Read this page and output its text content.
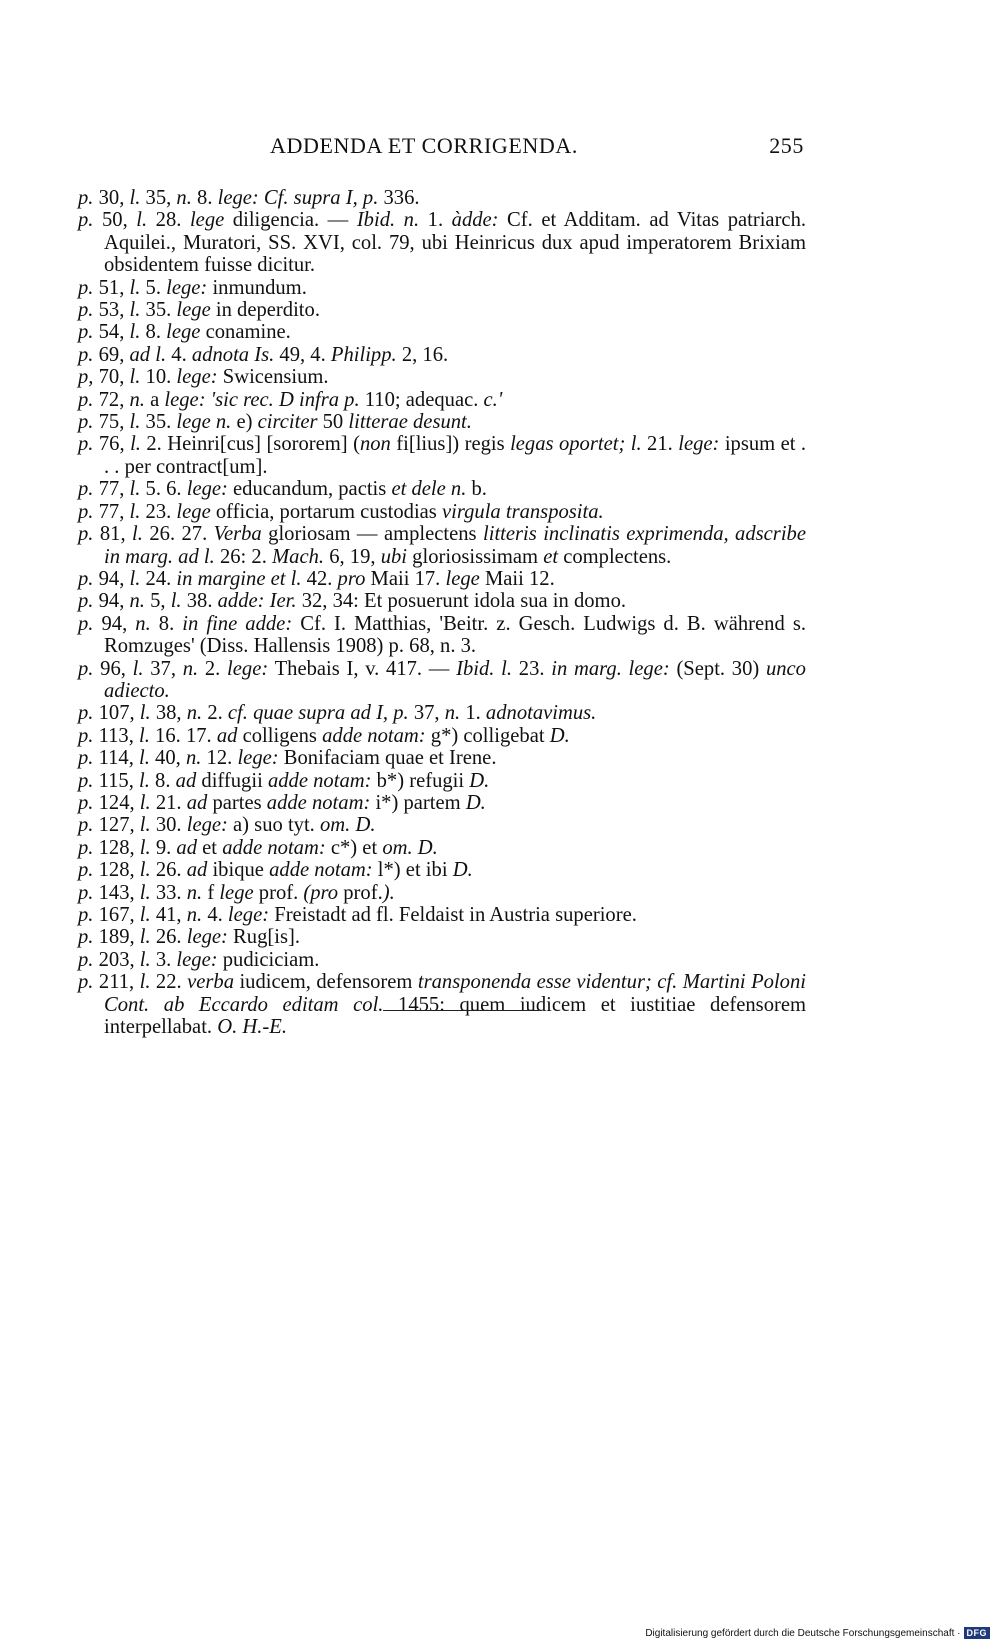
ADDENDA ET CORRIGENDA.	255
p. 30, l. 35, n. 8. lege: Cf. supra I, p. 336.
p. 50, l. 28. lege diligencia. — Ibid. n. 1. àdde: Cf. et Additam. ad Vitas patriarch. Aquilei., Muratori, SS. XVI, col. 79, ubi Heinricus dux apud imperatorem Brixiam obsidentem fuisse dicitur.
p. 51, l. 5. lege: inmundum.
p. 53, l. 35. lege in deperdito.
p. 54, l. 8. lege conamine.
p. 69, ad l. 4. adnota Is. 49, 4. Philipp. 2, 16.
p, 70, l. 10. lege: Swicensium.
p. 72, n. a lege: 'sic rec. D infra p. 110; adequac. c.'
p. 75, l. 35. lege n. e) circiter 50 litterae desunt.
p. 76, l. 2. Heinri[cus] [sororem] (non fi[lius]) regis legas oportet; l. 21. lege: ipsum et . . . per contract[um].
p. 77, l. 5. 6. lege: educandum, pactis et dele n. b.
p. 77, l. 23. lege officia, portarum custodias virgula transposita.
p. 81, l. 26. 27. Verba gloriosam — amplectens litteris inclinatis exprimenda, adscribe in marg. ad l. 26: 2. Mach. 6, 19, ubi gloriosissimam et complectens.
p. 94, l. 24. in margine et l. 42. pro Maii 17. lege Maii 12.
p. 94, n. 5, l. 38. adde: Ier. 32, 34: Et posuerunt idola sua in domo.
p. 94, n. 8. in fine adde: Cf. I. Matthias, 'Beitr. z. Gesch. Ludwigs d. B. während s. Romzuges' (Diss. Hallensis 1908) p. 68, n. 3.
p. 96, l. 37, n. 2. lege: Thebais I, v. 417. — Ibid. l. 23. in marg. lege: (Sept. 30) unco adiecto.
p. 107, l. 38, n. 2. cf. quae supra ad I, p. 37, n. 1. adnotavimus.
p. 113, l. 16. 17. ad colligens adde notam: g*) colligebat D.
p. 114, l. 40, n. 12. lege: Bonifaciam quae et Irene.
p. 115, l. 8. ad diffugii adde notam: b*) refugii D.
p. 124, l. 21. ad partes adde notam: i*) partem D.
p. 127, l. 30. lege: a) suo tyt. om. D.
p. 128, l. 9. ad et adde notam: c*) et om. D.
p. 128, l. 26. ad ibique adde notam: l*) et ibi D.
p. 143, l. 33. n. f lege prof. (pro prof.).
p. 167, l. 41, n. 4. lege: Freistadt ad fl. Feldaist in Austria superiore.
p. 189, l. 26. lege: Rug[is].
p. 203, l. 3. lege: pudiciciam.
p. 211, l. 22. verba iudicem, defensorem transponenda esse videntur; cf. Martini Poloni Cont. ab Eccardo editam col. 1455: quem iudicem et iustitiae defensorem interpellabat. O. H.-E.
Digitalisierung gefördert durch die Deutsche Forschungsgemeinschaft · DFG
